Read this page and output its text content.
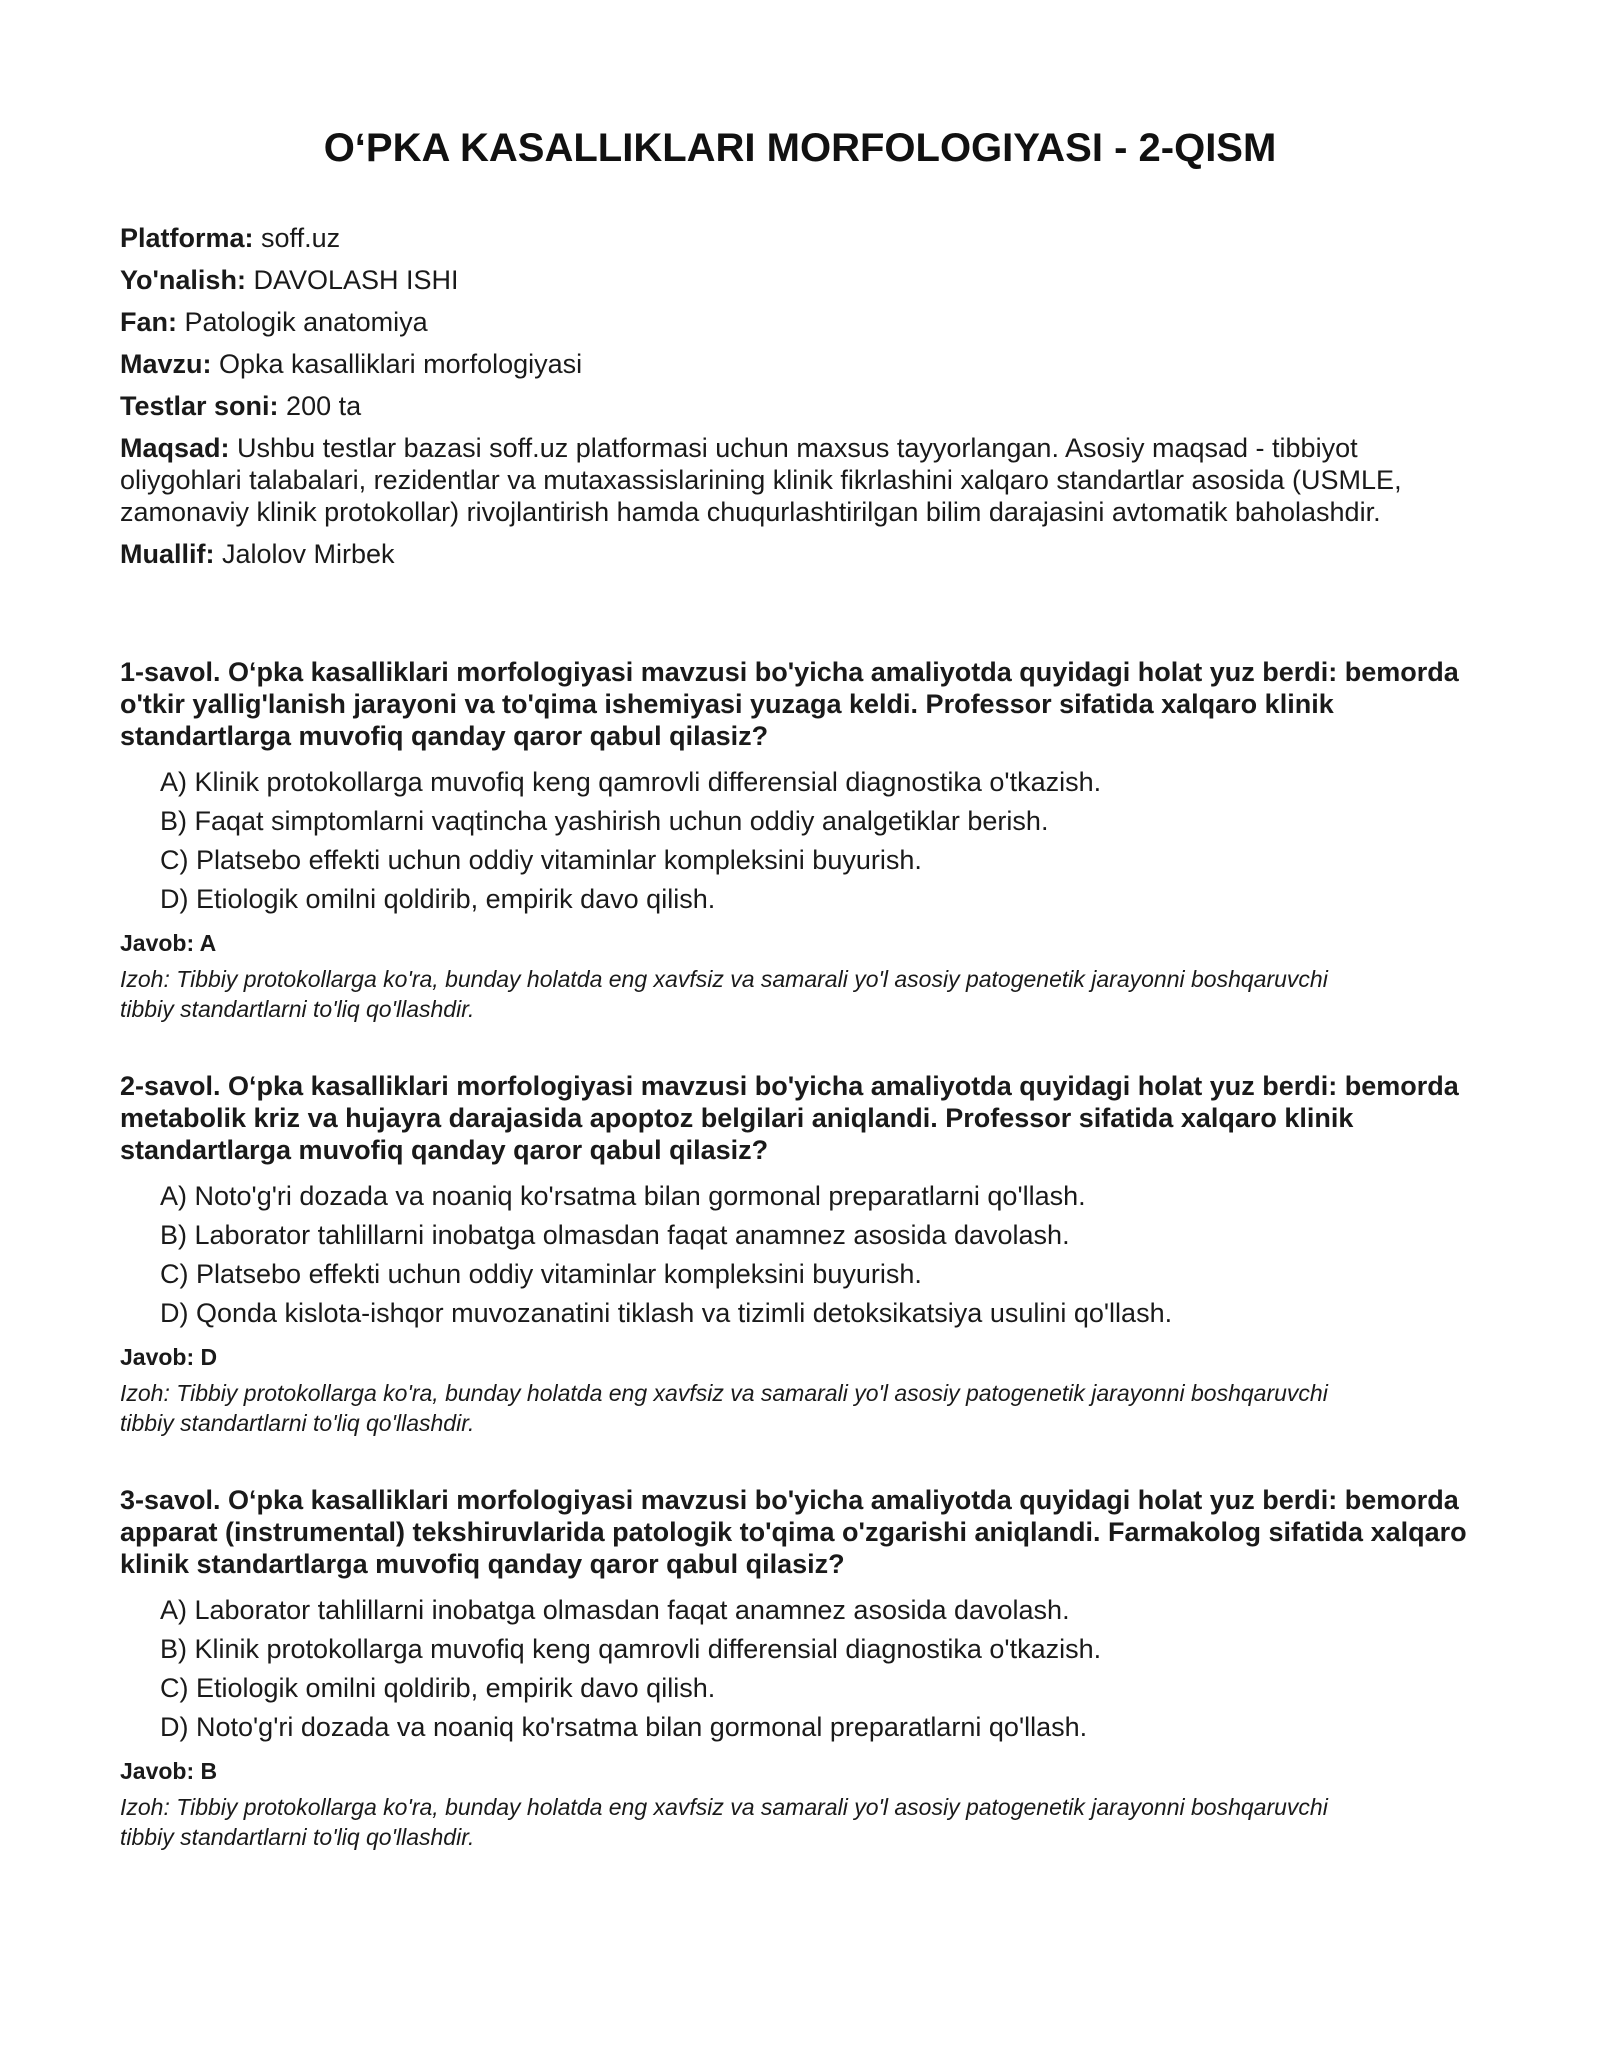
O‘PKA KASALLIKLARI MORFOLOGIYASI - 2-QISM
Platforma: soff.uz
Yo'nalish: DAVOLASH ISHI
Fan: Patologik anatomiya
Mavzu: Opka kasalliklari morfologiyasi
Testlar soni: 200 ta
Maqsad: Ushbu testlar bazasi soff.uz platformasi uchun maxsus tayyorlangan. Asosiy maqsad - tibbiyot oliygohlari talabalari, rezidentlar va mutaxassislarining klinik fikrlashini xalqaro standartlar asosida (USMLE, zamonaviy klinik protokollar) rivojlantirish hamda chuqurlashtirilgan bilim darajasini avtomatik baholashdir.
Muallif: Jalolov Mirbek

1-savol. O‘pka kasalliklari morfologiyasi mavzusi bo'yicha amaliyotda quyidagi holat yuz berdi: bemorda o'tkir yallig'lanish jarayoni va to'qima ishemiyasi yuzaga keldi. Professor sifatida xalqaro klinik standartlarga muvofiq qanday qaror qabul qilasiz?

A) Klinik protokollarga muvofiq keng qamrovli differensial diagnostika o'tkazish.
B) Faqat simptomlarni vaqtincha yashirish uchun oddiy analgetiklar berish.
C) Platsebo effekti uchun oddiy vitaminlar kompleksini buyurish.
D) Etiologik omilni qoldirib, empirik davo qilish.
Javob: A
Izoh: Tibbiy protokollarga ko'ra, bunday holatda eng xavfsiz va samarali yo'l asosiy patogenetik jarayonni boshqaruvchi tibbiy standartlarni to'liq qo'llashdir.

2-savol. O‘pka kasalliklari morfologiyasi mavzusi bo'yicha amaliyotda quyidagi holat yuz berdi: bemorda metabolik kriz va hujayra darajasida apoptoz belgilari aniqlandi. Professor sifatida xalqaro klinik standartlarga muvofiq qanday qaror qabul qilasiz?

A) Noto'g'ri dozada va noaniq ko'rsatma bilan gormonal preparatlarni qo'llash.
B) Laborator tahlillarni inobatga olmasdan faqat anamnez asosida davolash.
C) Platsebo effekti uchun oddiy vitaminlar kompleksini buyurish.
D) Qonda kislota-ishqor muvozanatini tiklash va tizimli detoksikatsiya usulini qo'llash.
Javob: D
Izoh: Tibbiy protokollarga ko'ra, bunday holatda eng xavfsiz va samarali yo'l asosiy patogenetik jarayonni boshqaruvchi tibbiy standartlarni to'liq qo'llashdir.

3-savol. O‘pka kasalliklari morfologiyasi mavzusi bo'yicha amaliyotda quyidagi holat yuz berdi: bemorda apparat (instrumental) tekshiruvlarida patologik to'qima o'zgarishi aniqlandi. Farmakolog sifatida xalqaro klinik standartlarga muvofiq qanday qaror qabul qilasiz?

A) Laborator tahlillarni inobatga olmasdan faqat anamnez asosida davolash.
B) Klinik protokollarga muvofiq keng qamrovli differensial diagnostika o'tkazish.
C) Etiologik omilni qoldirib, empirik davo qilish.
D) Noto'g'ri dozada va noaniq ko'rsatma bilan gormonal preparatlarni qo'llash.
Javob: B
Izoh: Tibbiy protokollarga ko'ra, bunday holatda eng xavfsiz va samarali yo'l asosiy patogenetik jarayonni boshqaruvchi tibbiy standartlarni to'liq qo'llashdir.
